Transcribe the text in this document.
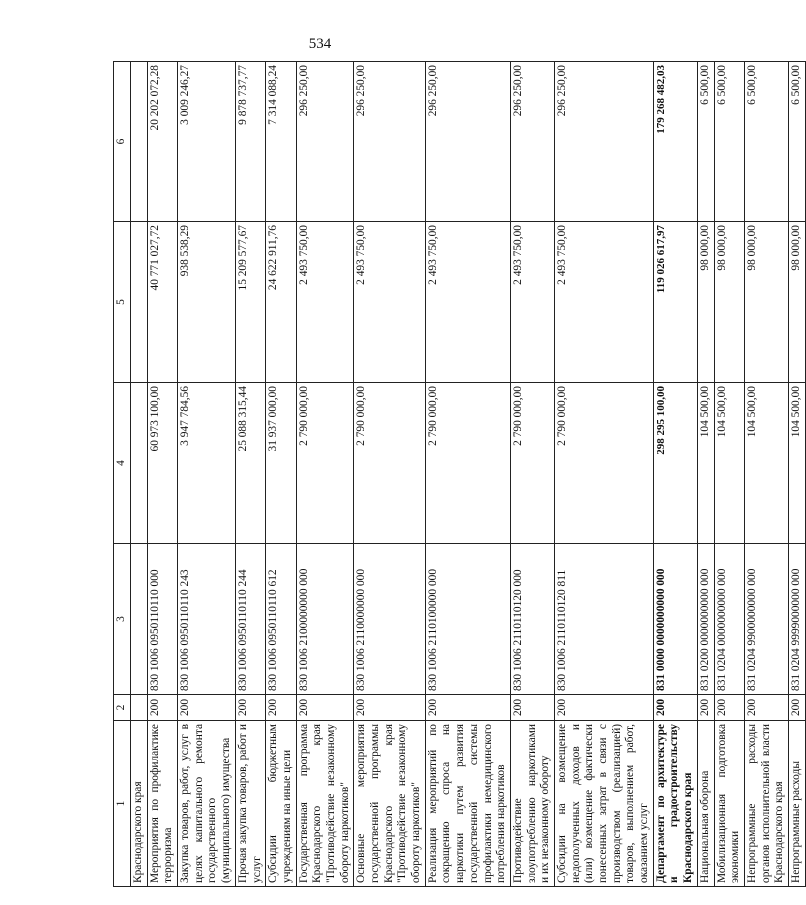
534
1	2	3	4	5	6
Краснодарского края					
Мероприятия по профилактике терроризма	200	830 1006 0950110110 000	60 973 100,00	40 771 027,72	20 202 072,28
Закупка товаров, работ, услуг в целях капитального ремонта государственного (муниципального) имущества	200	830 1006 0950110110 243	3 947 784,56	938 538,29	3 009 246,27
Прочая закупка товаров, работ и услуг	200	830 1006 0950110110 244	25 088 315,44	15 209 577,67	9 878 737,77
Субсидии бюджетным учреждениям на иные цели	200	830 1006 0950110110 612	31 937 000,00	24 622 911,76	7 314 088,24
Государственная программа Краснодарского края "Противодействие незаконному обороту наркотиков"	200	830 1006 2100000000 000	2 790 000,00	2 493 750,00	296 250,00
Основные мероприятия государственной программы Краснодарского края "Противодействие незаконному обороту наркотиков"	200	830 1006 2110000000 000	2 790 000,00	2 493 750,00	296 250,00
Реализация мероприятий по сокращению спроса на наркотики путем развития государственной системы профилактики немедицинского потребления наркотиков	200	830 1006 2110100000 000	2 790 000,00	2 493 750,00	296 250,00
Противодействие злоупотреблению наркотиками и их незаконному обороту	200	830 1006 2110110120 000	2 790 000,00	2 493 750,00	296 250,00
Субсидии на возмещение недополученных доходов и (или) возмещение фактически понесенных затрат в связи с производством (реализацией) товаров, выполнением работ, оказанием услуг	200	830 1006 2110110120 811	2 790 000,00	2 493 750,00	296 250,00
Департамент по архитектуре и градостроительству Краснодарского края	200	831 0000 0000000000 000	298 295 100,00	119 026 617,97	179 268 482,03
Национальная оборона	200	831 0200 0000000000 000	104 500,00	98 000,00	6 500,00
Мобилизационная подготовка экономики	200	831 0204 0000000000 000	104 500,00	98 000,00	6 500,00
Непрограммные расходы органов исполнительной власти Краснодарского края	200	831 0204 9900000000 000	104 500,00	98 000,00	6 500,00
Непрограммные расходы	200	831 0204 9999000000 000	104 500,00	98 000,00	6 500,00
